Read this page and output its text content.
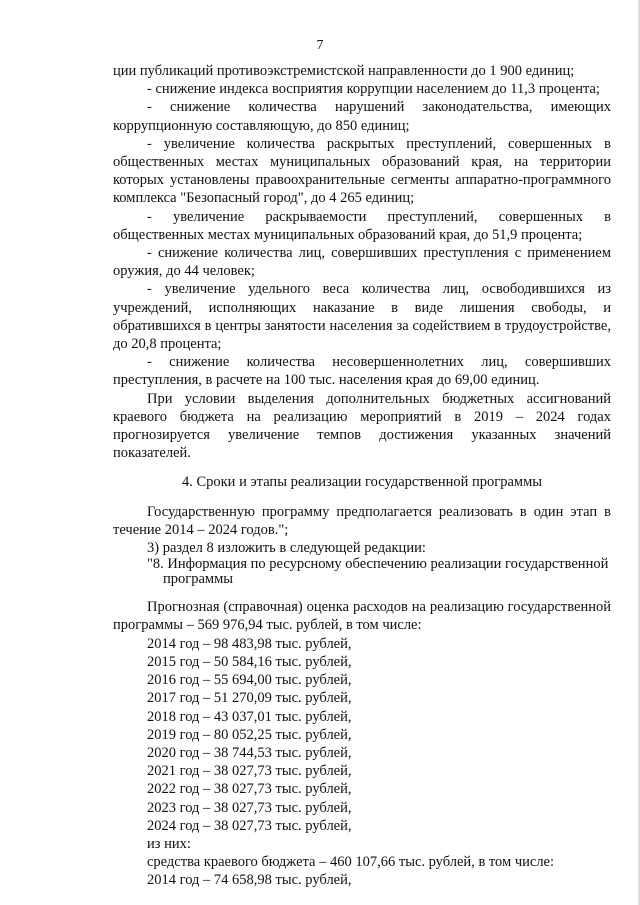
7

ции публикаций противоэкстремистской направленности до 1 900 единиц;

- снижение индекса восприятия коррупции населением до 11,3 процента;

- снижение количества нарушений законодательства, имеющих коррупционную составляющую, до 850 единиц;

- увеличение количества раскрытых преступлений, совершенных в общественных местах муниципальных образований края, на территории которых установлены правоохранительные сегменты аппаратно-программного комплекса "Безопасный город", до 4 265 единиц;

- увеличение раскрываемости преступлений, совершенных в общественных местах муниципальных образований края, до 51,9 процента;

- снижение количества лиц, совершивших преступления с применением оружия, до 44 человек;

- увеличение удельного веса количества лиц, освободившихся из учреждений, исполняющих наказание в виде лишения свободы, и обратившихся в центры занятости населения за содействием в трудоустройстве, до 20,8 процента;

- снижение количества несовершеннолетних лиц, совершивших преступления, в расчете на 100 тыс. населения края до 69,00 единиц.

При условии выделения дополнительных бюджетных ассигнований краевого бюджета на реализацию мероприятий в 2019 – 2024 годах прогнозируется увеличение темпов достижения указанных значений показателей.

4. Сроки и этапы реализации государственной программы

Государственную программу предполагается реализовать в один этап в течение 2014 – 2024 годов.";

3) раздел 8 изложить в следующей редакции:

"8. Информация по ресурсному обеспечению реализации государственной
программы

Прогнозная (справочная) оценка расходов на реализацию государственной программы – 569 976,94 тыс. рублей, в том числе:

2014 год – 98 483,98 тыс. рублей,
2015 год – 50 584,16 тыс. рублей,
2016 год – 55 694,00 тыс. рублей,
2017 год – 51 270,09 тыс. рублей,
2018 год – 43 037,01 тыс. рублей,
2019 год – 80 052,25 тыс. рублей,
2020 год – 38 744,53 тыс. рублей,
2021 год – 38 027,73 тыс. рублей,
2022 год – 38 027,73 тыс. рублей,
2023 год – 38 027,73 тыс. рублей,
2024 год – 38 027,73 тыс. рублей,
из них:

средства краевого бюджета – 460 107,66 тыс. рублей, в том числе:

2014 год – 74 658,98 тыс. рублей,
